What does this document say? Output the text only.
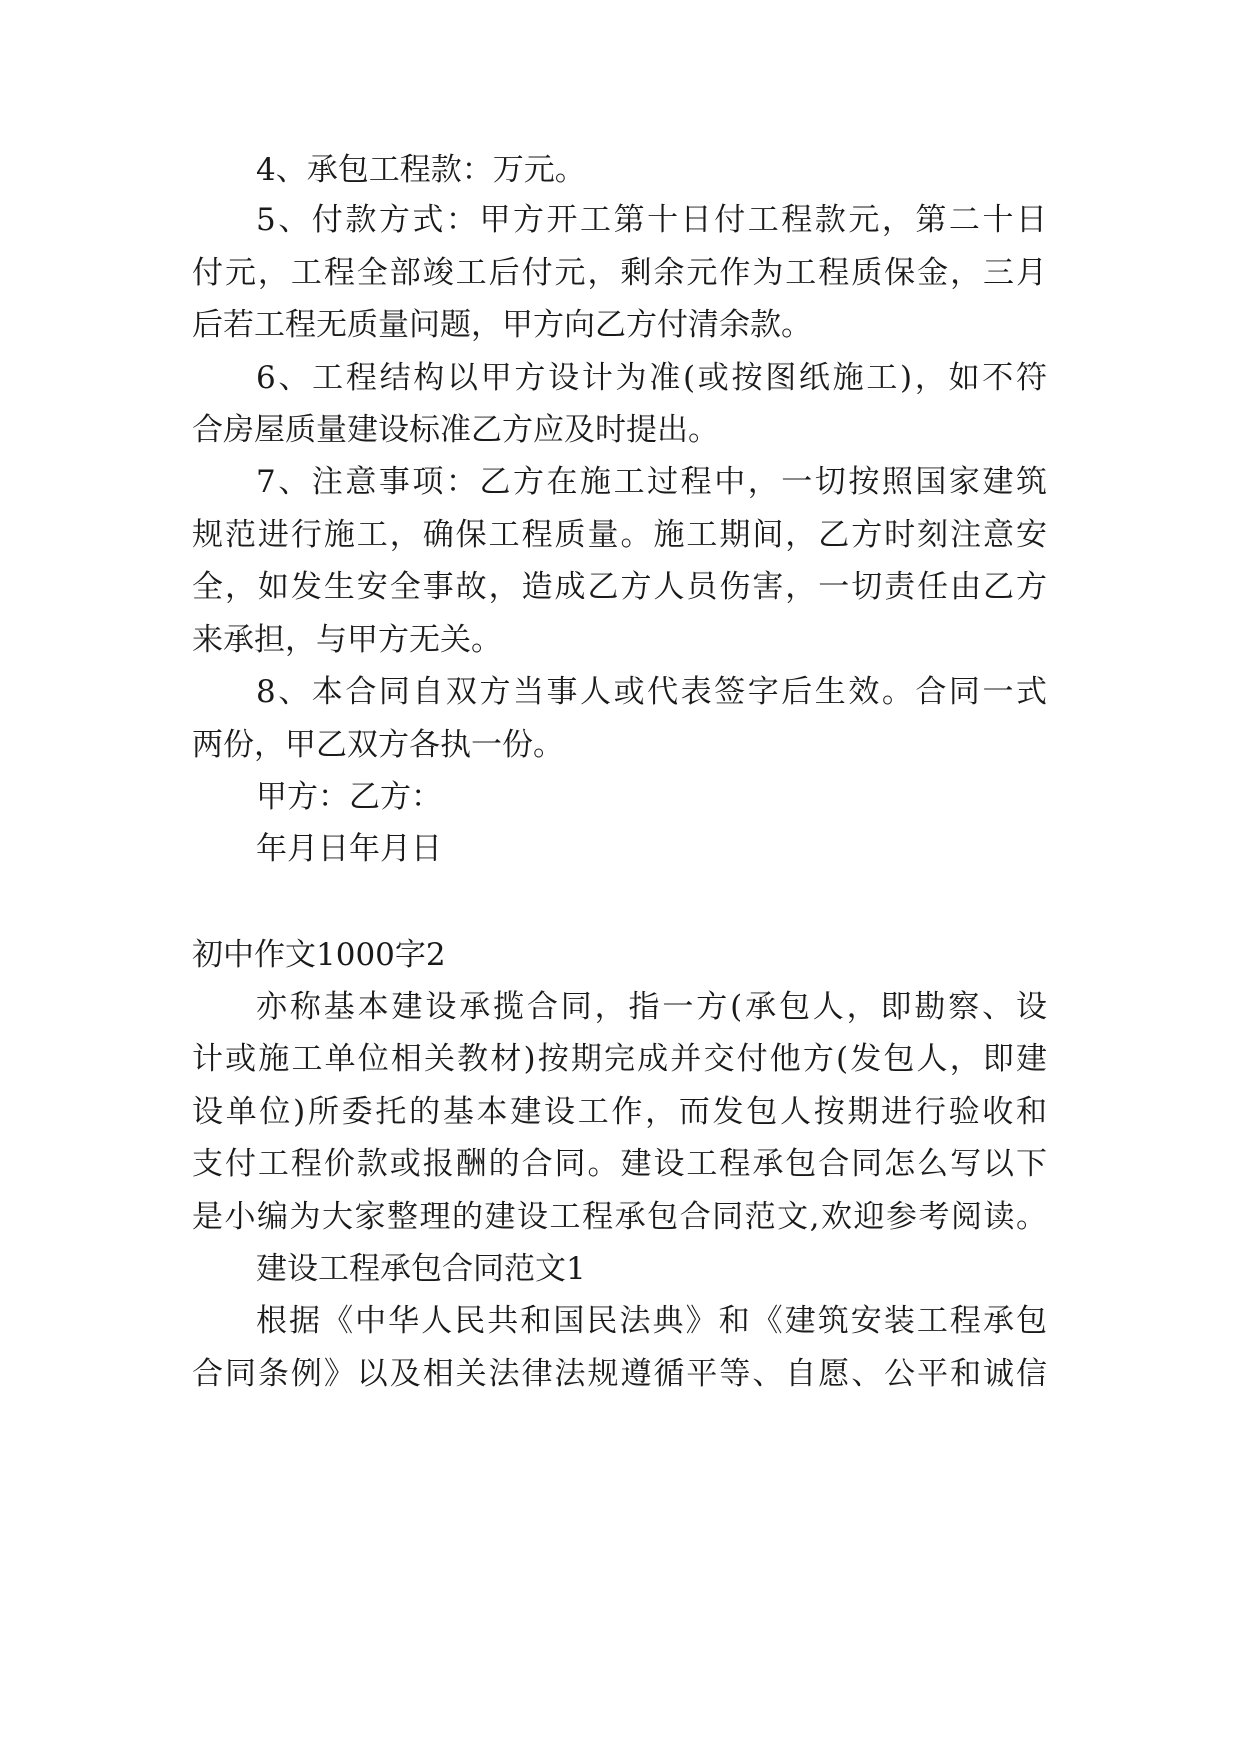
4、承包工程款：万元。
5、付款方式：甲方开工第十日付工程款元，第二十日
付元，工程全部竣工后付元，剩余元作为工程质保金，三月
后若工程无质量问题，甲方向乙方付清余款。
6、工程结构以甲方设计为准(或按图纸施工)，如不符
合房屋质量建设标准乙方应及时提出。
7、注意事项：乙方在施工过程中，一切按照国家建筑
规范进行施工，确保工程质量。施工期间，乙方时刻注意安
全，如发生安全事故，造成乙方人员伤害，一切责任由乙方
来承担，与甲方无关。
8、本合同自双方当事人或代表签字后生效。合同一式
两份，甲乙双方各执一份。
甲方：乙方：
年月日年月日
初中作文1000字2
亦称基本建设承揽合同，指一方(承包人，即勘察、设
计或施工单位相关教材)按期完成并交付他方(发包人，即建
设单位)所委托的基本建设工作，而发包人按期进行验收和
支付工程价款或报酬的合同。建设工程承包合同怎么写以下
是小编为大家整理的建设工程承包合同范文,欢迎参考阅读。
建设工程承包合同范文1
根据《中华人民共和国民法典》和《建筑安装工程承包
合同条例》以及相关法律法规遵循平等、自愿、公平和诚信
